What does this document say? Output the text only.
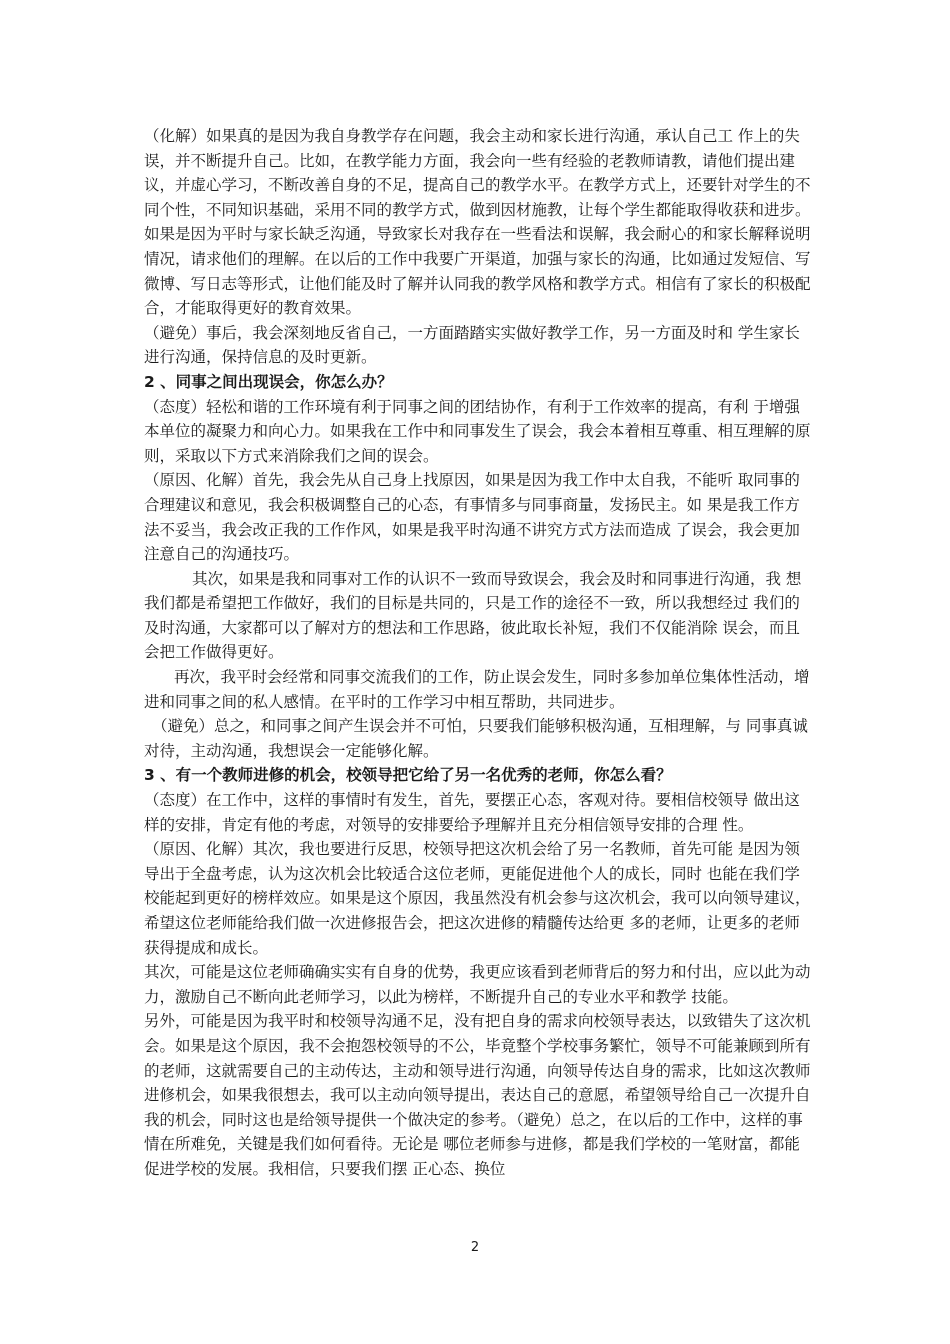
（化解）如果真的是因为我自身教学存在问题，我会主动和家长进行沟通，承认自己工 作上的失误，并不断提升自己。比如，在教学能力方面，我会向一些有经验的老教师请教，请他们提出建议，并虚心学习，不断改善自身的不足，提高自己的教学水平。在教学方式上，还要针对学生的不同个性，不同知识基础，采用不同的教学方式，做到因材施教，让每个学生都能取得收获和进步。

如果是因为平时与家长缺乏沟通，导致家长对我存在一些看法和误解，我会耐心的和家长解释说明情况，请求他们的理解。在以后的工作中我要广开渠道，加强与家长的沟通，比如通过发短信、写微博、写日志等形式，让他们能及时了解并认同我的教学风格和教学方式。相信有了家长的积极配合，才能取得更好的教育效果。

（避免）事后，我会深刻地反省自己，一方面踏踏实实做好教学工作，另一方面及时和 学生家长进行沟通，保持信息的及时更新。

2 、同事之间出现误会，你怎么办？

（态度）轻松和谐的工作环境有利于同事之间的团结协作，有利于工作效率的提高，有利 于增强本单位的凝聚力和向心力。如果我在工作中和同事发生了误会，我会本着相互尊重、相互理解的原则，采取以下方式来消除我们之间的误会。

（原因、化解）首先，我会先从自己身上找原因，如果是因为我工作中太自我，不能听 取同事的合理建议和意见，我会积极调整自己的心态，有事情多与同事商量，发扬民主。如 果是我工作方法不妥当，我会改正我的工作作风，如果是我平时沟通不讲究方式方法而造成 了误会，我会更加注意自己的沟通技巧。

其次，如果是我和同事对工作的认识不一致而导致误会，我会及时和同事进行沟通，我 想我们都是希望把工作做好，我们的目标是共同的，只是工作的途径不一致，所以我想经过 我们的及时沟通，大家都可以了解对方的想法和工作思路，彼此取长补短，我们不仅能消除 误会，而且会把工作做得更好。

再次，我平时会经常和同事交流我们的工作，防止误会发生，同时多参加单位集体性活动，增进和同事之间的私人感情。在平时的工作学习中相互帮助，共同进步。

（避免）总之，和同事之间产生误会并不可怕，只要我们能够积极沟通，互相理解，与 同事真诚对待，主动沟通，我想误会一定能够化解。

3 、有一个教师进修的机会，校领导把它给了另一名优秀的老师，你怎么看？

（态度）在工作中，这样的事情时有发生，首先，要摆正心态，客观对待。要相信校领导 做出这样的安排，肯定有他的考虑，对领导的安排要给予理解并且充分相信领导安排的合理 性。

（原因、化解）其次，我也要进行反思，校领导把这次机会给了另一名教师，首先可能 是因为领导出于全盘考虑，认为这次机会比较适合这位老师，更能促进他个人的成长，同时 也能在我们学校能起到更好的榜样效应。如果是这个原因，我虽然没有机会参与这次机会，我可以向领导建议，希望这位老师能给我们做一次进修报告会，把这次进修的精髓传达给更 多的老师，让更多的老师获得提成和成长。

其次，可能是这位老师确确实实有自身的优势，我更应该看到老师背后的努力和付出，应以此为动力，激励自己不断向此老师学习，以此为榜样，不断提升自己的专业水平和教学 技能。

另外，可能是因为我平时和校领导沟通不足，没有把自身的需求向校领导表达，以致错失了这次机会。如果是这个原因，我不会抱怨校领导的不公，毕竟整个学校事务繁忙，领导不可能兼顾到所有的老师，这就需要自己的主动传达，主动和领导进行沟通，向领导传达自身的需求，比如这次教师进修机会，如果我很想去，我可以主动向领导提出，表达自己的意愿，希望领导给自己一次提升自我的机会，同时这也是给领导提供一个做决定的参考。（避免）总之，在以后的工作中，这样的事情在所难免，关键是我们如何看待。无论是 哪位老师参与进修，都是我们学校的一笔财富，都能促进学校的发展。我相信，只要我们摆 正心态、换位

2
